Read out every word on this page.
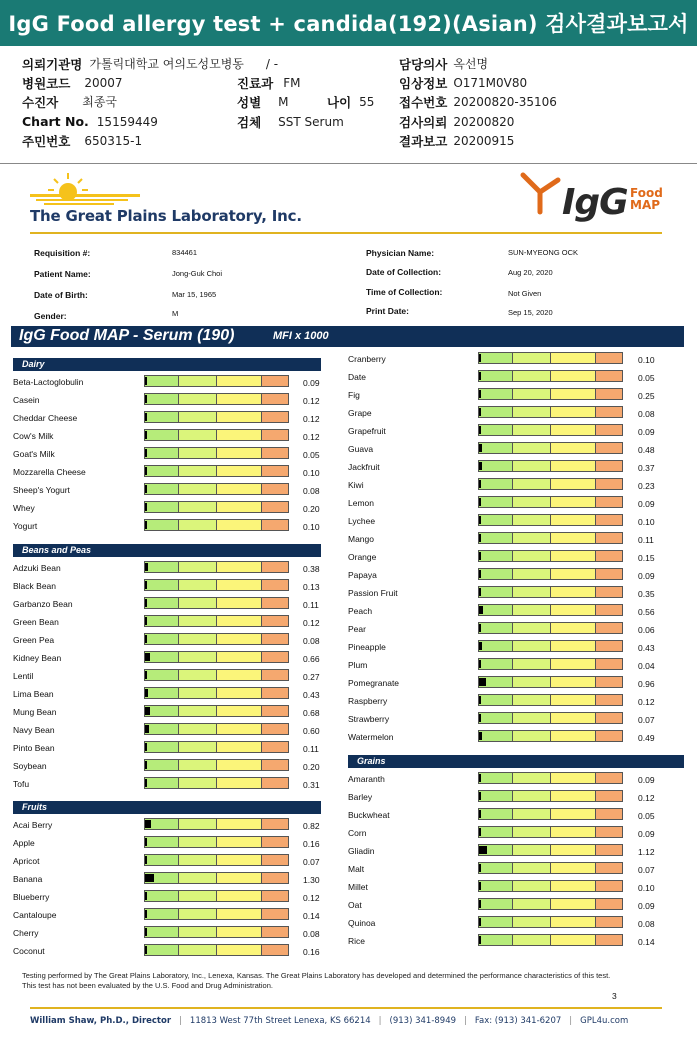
IgG Food allergy test + candida(192)(Asian) 검사결과보고서
의뢰기관명 가톨릭대학교 여의도성모병동 / -	담당의사 옥선명
병원코드 20007	진료과 FM	임상정보 O171M0V80
수진자 최종국	성별 M	나이 55 접수번호 20200820-35106
Chart No. 15159449	검체 SST Serum	검사의뢰 20200820
주민번호 650315-1	결과보고 20200915
The Great Plains Laboratory, Inc.	IgG Food
MAP
Requisition #:	834461
Patient Name:	Jong-Guk Choi
Date of Birth:	Mar 15, 1965
Gender:	M
Physician Name:	SUN-MYEONG OCK
Date of Collection:	Aug 20, 2020
Time of Collection:	Not Given
Print Date:	Sep 15, 2020
IgG Food MAP - Serum (190)	MFI x 1000
Dairy
Beta-Lactoglobulin	0.09
Casein	0.12
Cheddar Cheese	0.12
Cow's Milk	0.12
Goat's Milk	0.05
Mozzarella Cheese	0.10
Sheep's Yogurt	0.08
Whey	0.20
Yogurt	0.10
Beans and Peas
Adzuki Bean	0.38
Black Bean	0.13
Garbanzo Bean	0.11
Green Bean	0.12
Green Pea	0.08
Kidney Bean	0.66
Lentil	0.27
Lima Bean	0.43
Mung Bean	0.68
Navy Bean	0.60
Pinto Bean	0.11
Soybean	0.20
Tofu	0.31
Fruits
Acai Berry	0.82
Apple	0.16
Apricot	0.07
Banana	1.30
Blueberry	0.12
Cantaloupe	0.14
Cherry	0.08
Coconut	0.16
Cranberry	0.10
Date	0.05
Fig	0.25
Grape	0.08
Grapefruit	0.09
Guava	0.48
Jackfruit	0.37
Kiwi	0.23
Lemon	0.09
Lychee	0.10
Mango	0.11
Orange	0.15
Papaya	0.09
Passion Fruit	0.35
Peach	0.56
Pear	0.06
Pineapple	0.43
Plum	0.04
Pomegranate	0.96
Raspberry	0.12
Strawberry	0.07
Watermelon	0.49
Grains
Amaranth	0.09
Barley	0.12
Buckwheat	0.05
Corn	0.09
Gliadin	1.12
Malt	0.07
Millet	0.10
Oat	0.09
Quinoa	0.08
Rice	0.14
Testing performed by The Great Plains Laboratory, Inc., Lenexa, Kansas. The Great Plains Laboratory has developed and determined the performance characteristics of this test. This test has not been evaluated by the U.S. Food and Drug Administration.
3
William Shaw, Ph.D., Director | 11813 West 77th Street Lenexa, KS 66214 | (913) 341-8949 | Fax: (913) 341-6207 | GPL4u.com
